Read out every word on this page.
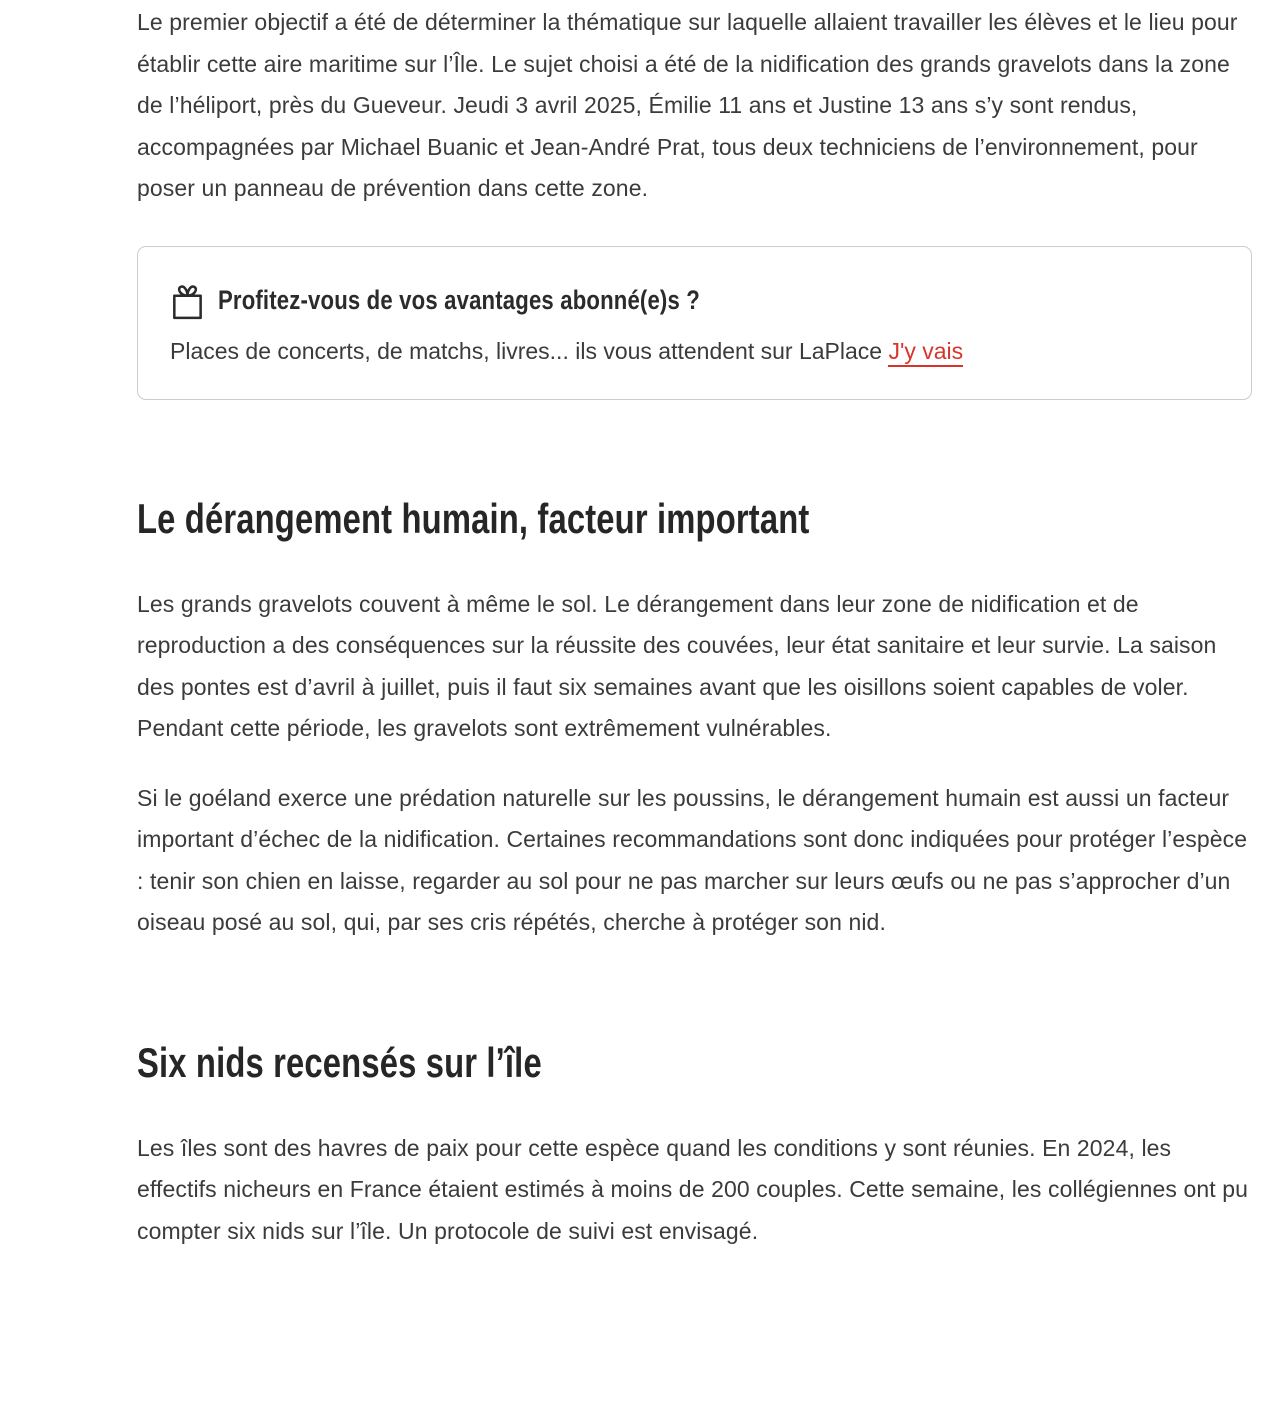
Le premier objectif a été de déterminer la thématique sur laquelle allaient travailler les élèves et le lieu pour établir cette aire maritime sur l’Île. Le sujet choisi a été de la nidification des grands gravelots dans la zone de l’héliport, près du Gueveur. Jeudi 3 avril 2025, Émilie 11 ans et Justine 13 ans s’y sont rendus, accompagnées par Michael Buanic et Jean-André Prat, tous deux techniciens de l’environnement, pour poser un panneau de prévention dans cette zone.

Profitez-vous de vos avantages abonné(e)s ?
Places de concerts, de matchs, livres... ils vous attendent sur LaPlace J'y vais
Le dérangement humain, facteur important

Les grands gravelots couvent à même le sol. Le dérangement dans leur zone de nidification et de reproduction a des conséquences sur la réussite des couvées, leur état sanitaire et leur survie. La saison des pontes est d’avril à juillet, puis il faut six semaines avant que les oisillons soient capables de voler. Pendant cette période, les gravelots sont extrêmement vulnérables.

Si le goéland exerce une prédation naturelle sur les poussins, le dérangement humain est aussi un facteur important d’échec de la nidification. Certaines recommandations sont donc indiquées pour protéger l’espèce : tenir son chien en laisse, regarder au sol pour ne pas marcher sur leurs œufs ou ne pas s’approcher d’un oiseau posé au sol, qui, par ses cris répétés, cherche à protéger son nid.

Six nids recensés sur l’île

Les îles sont des havres de paix pour cette espèce quand les conditions y sont réunies. En 2024, les effectifs nicheurs en France étaient estimés à moins de 200 couples. Cette semaine, les collégiennes ont pu compter six nids sur l’île. Un protocole de suivi est envisagé.
